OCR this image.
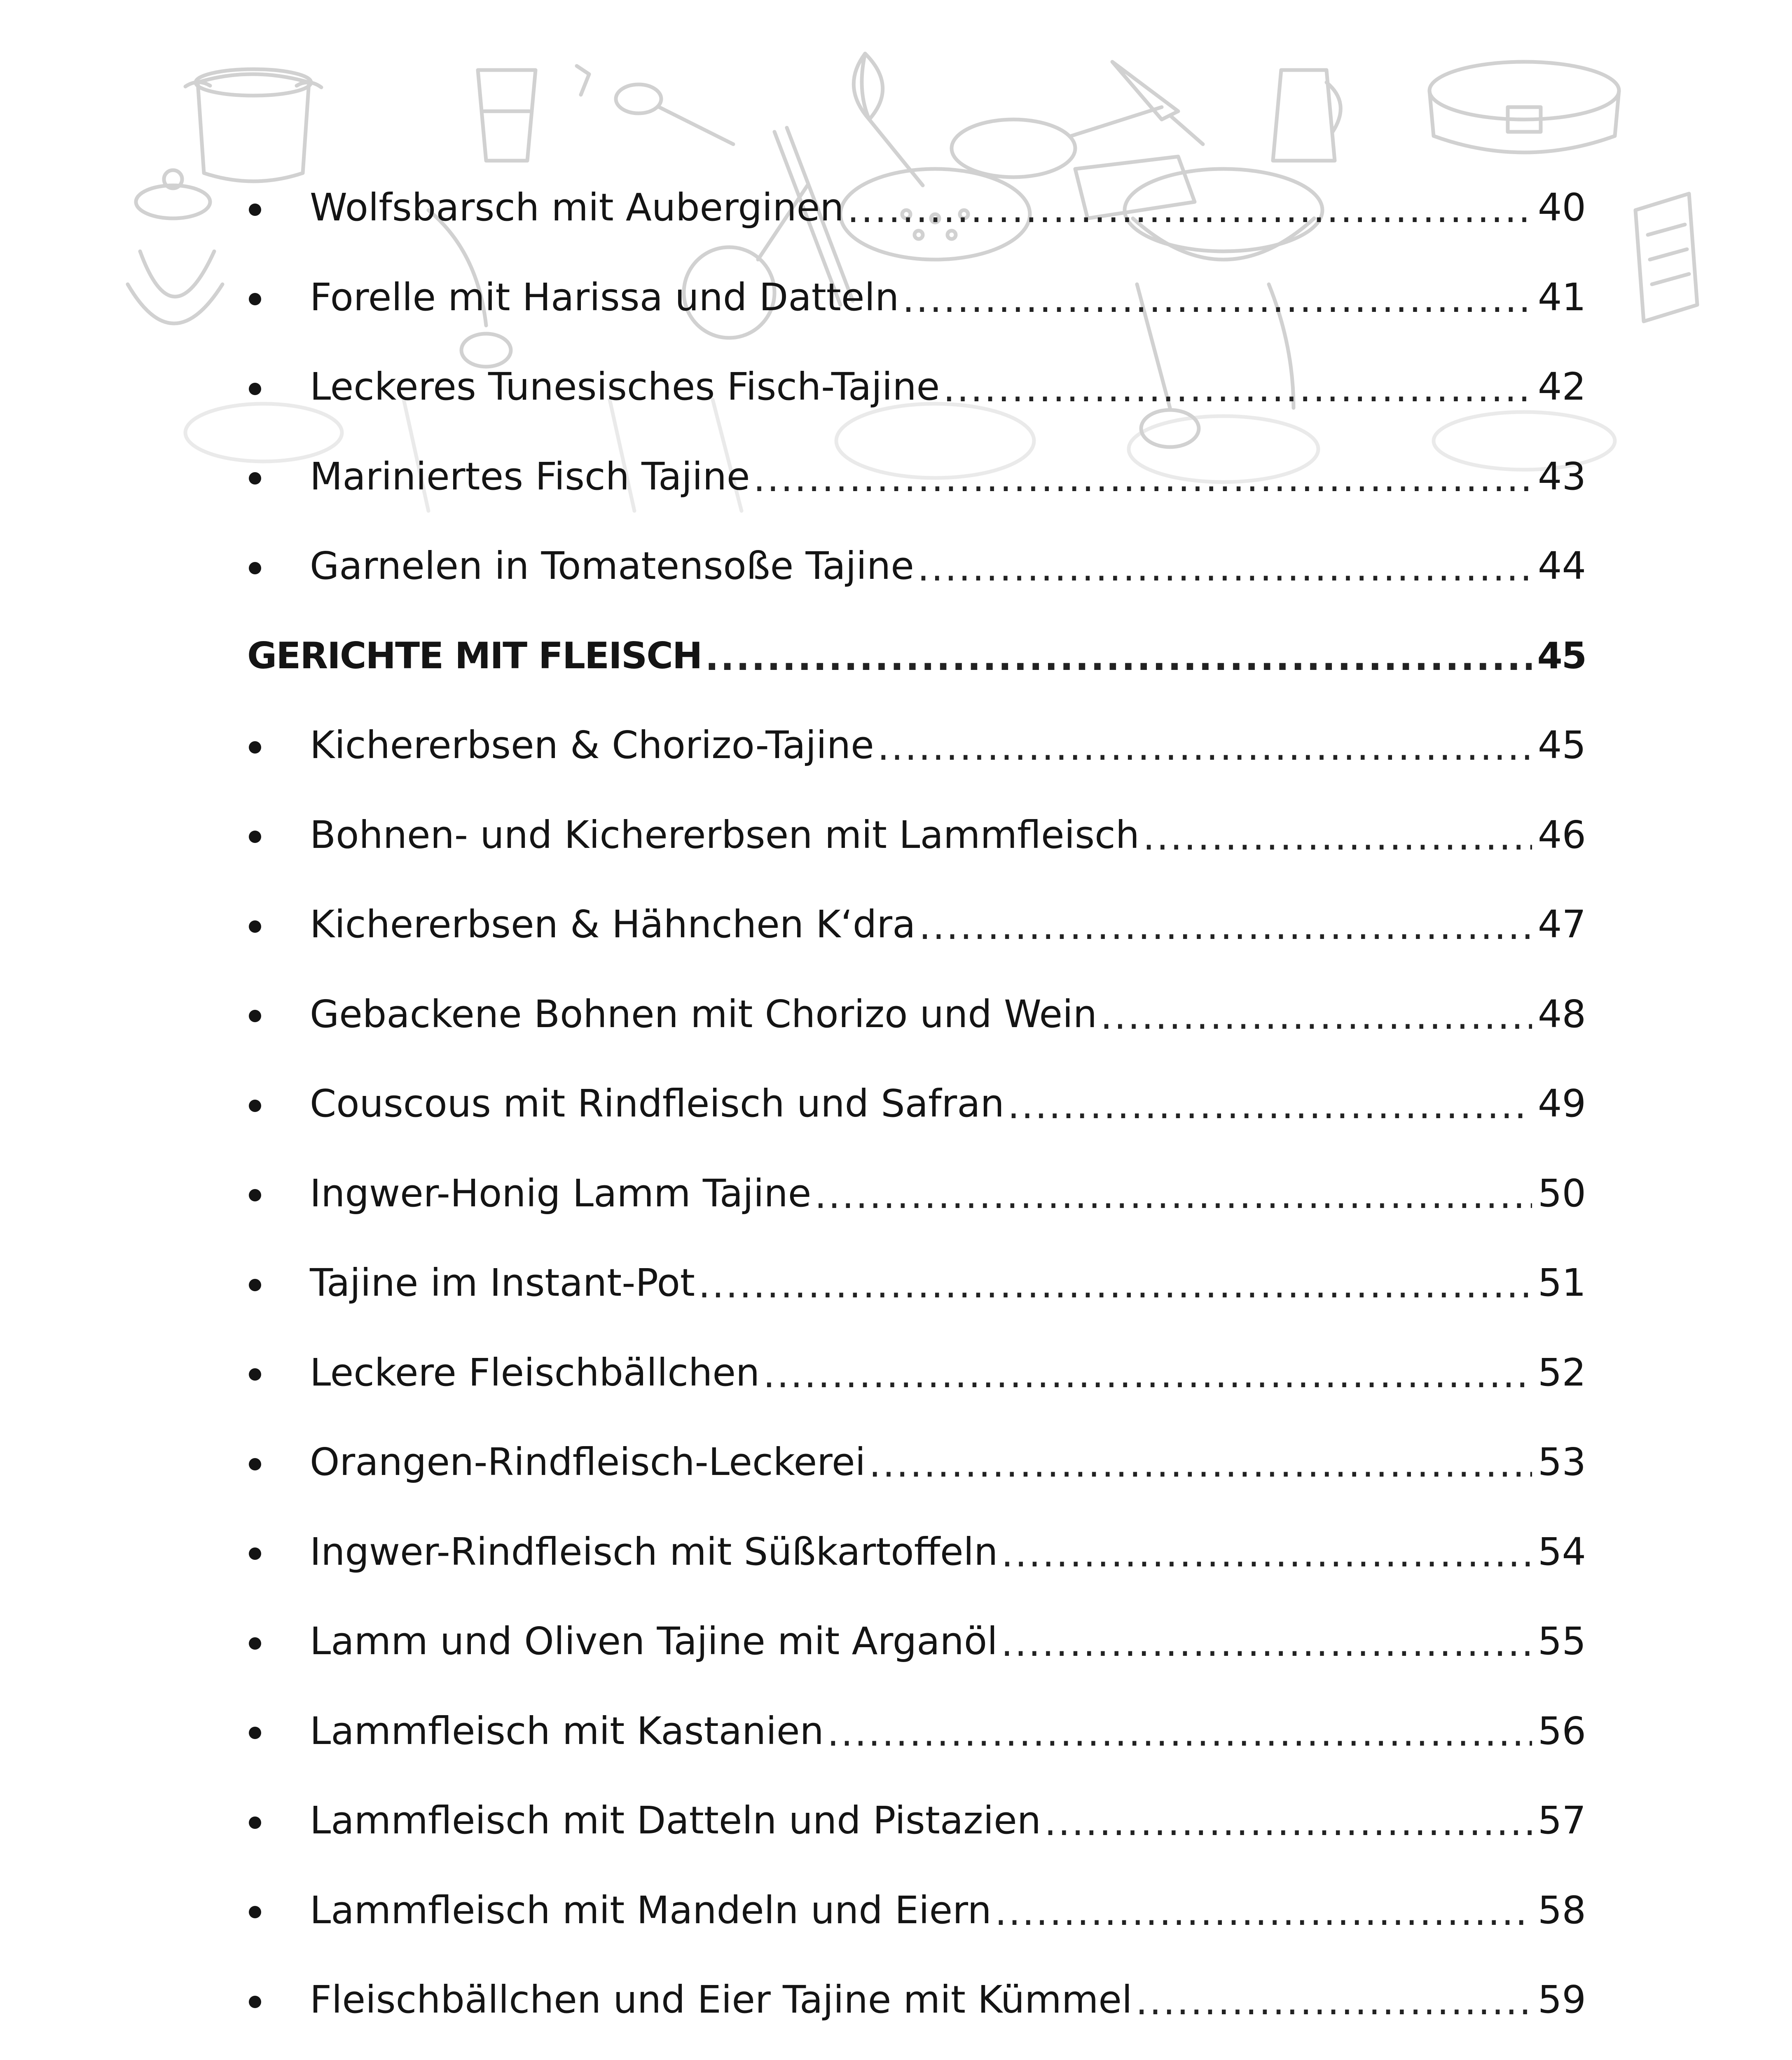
Wolfsbarsch mit Auberginen .....	40
Forelle mit Harissa und Datteln .....	41
Leckeres Tunesisches Fisch-Tajine .....	42
Mariniertes Fisch Tajine .....	43
Garnelen in Tomatensoße Tajine .....	44
GERICHTE MIT FLEISCH .....	45
Kichererbsen & Chorizo-Tajine .....	45
Bohnen- und Kichererbsen mit Lammfleisch .....	46
Kichererbsen & Hähnchen K‘dra .....	47
Gebackene Bohnen mit Chorizo und Wein .....	48
Couscous mit Rindfleisch und Safran .....	49
Ingwer-Honig Lamm Tajine .....	50
Tajine im Instant-Pot .....	51
Leckere Fleischbällchen .....	52
Orangen-Rindfleisch-Leckerei .....	53
Ingwer-Rindfleisch mit Süßkartoffeln .....	54
Lamm und Oliven Tajine mit Arganöl .....	55
Lammfleisch mit Kastanien .....	56
Lammfleisch mit Datteln und Pistazien .....	57
Lammfleisch mit Mandeln und Eiern .....	58
Fleischbällchen und Eier Tajine mit Kümmel .....	59
